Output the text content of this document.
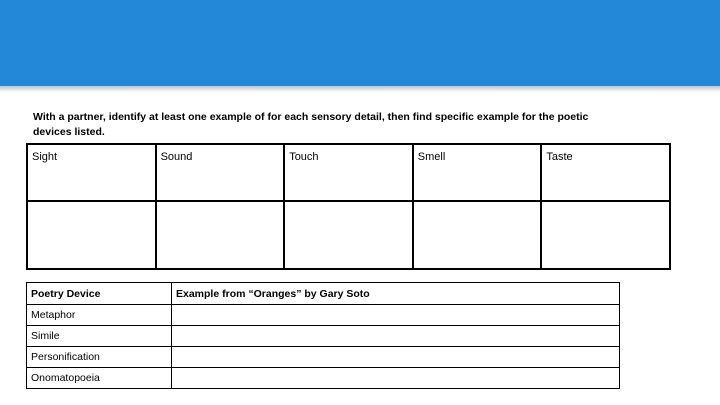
With a partner, identify at least one example of for each sensory detail, then find specific example for the poetic devices listed.
Sight	Sound	Touch	Smell	Taste

Poetry Device	Example from “Oranges” by Gary Soto
Metaphor	
Simile	
Personification	
Onomatopoeia	
